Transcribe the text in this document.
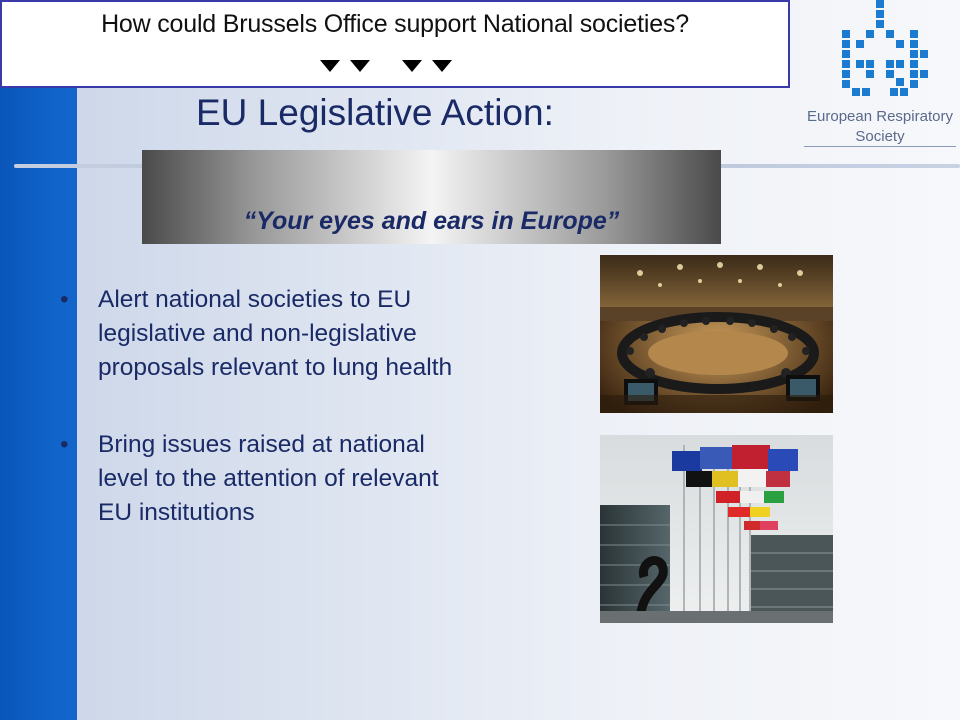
How could Brussels Office support National societies?
EU Legislative Action:
“Your eyes and ears in Europe”
• Alert national societies to EU legislative and non-legislative proposals relevant to lung health
• Bring issues raised at national level to the attention of relevant EU institutions
European Respiratory
Society
